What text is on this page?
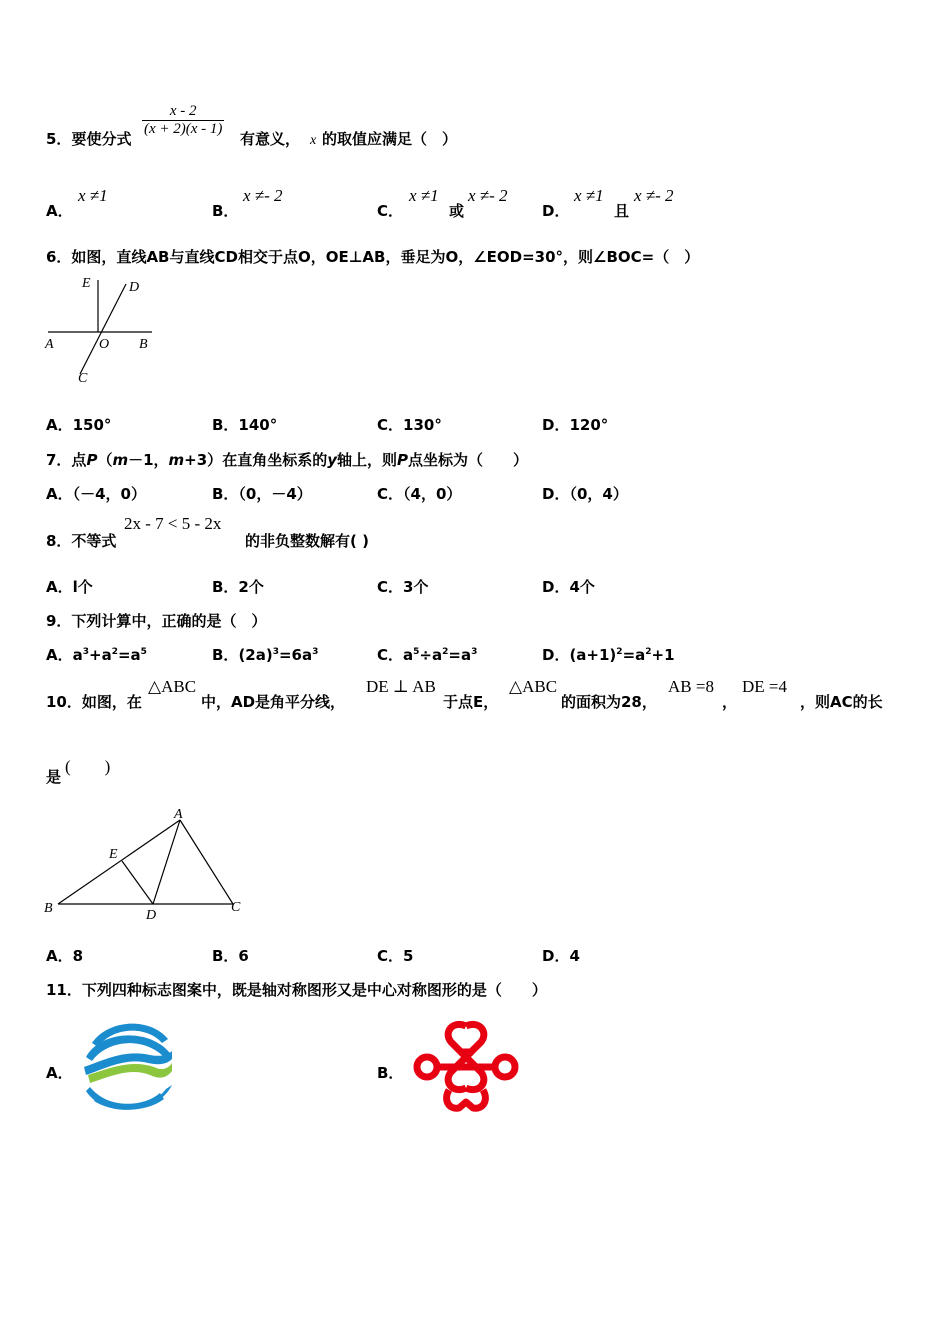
5．要使分式
$\frac{x - 2}{(x + 2)(x - 1)}$
有意义， x 的取值应满足（　）
A．
x ≠1
B．
x ≠- 2
C．
x ≠1
或
x ≠- 2
D．
x ≠1
且
x ≠- 2
6．如图，直线AB与直线CD相交于点O，OE⊥AB，垂足为O，∠EOD=30°，则∠BOC=（　）
E	D
A	O B
C
A．150°	B．140°	C．130°	D．120°
7．点P（m－1，m+3）在直角坐标系的y轴上，则P点坐标为（　　）
A．（－4，0）	B．（0，－4）	C．（4，0）	D．（0，4）
8．不等式
2x - 7 < 5 - 2x
的非负整数解有( )
A．l个	B．2个	C．3个	D．4个
9．下列计算中，正确的是（　）
A．$a^3+a^2=a^5$	B．$(2a)^3=6a^3$	C．$a^5\div a^2=a^3$	D．$(a+1)^2=a^2+1$
10．如图，在
△ABC
中，AD是角平分线，
DE ⊥ AB
于点E，
△ABC
的面积为28，
AB =8
，
DE =4
，则AC的长
是
(　　)
A
E
B	D
C
A．8	B．6	C．5	D．4
11．下列四种标志图案中，既是轴对称图形又是中心对称图形的是（　　）
A．	B．
